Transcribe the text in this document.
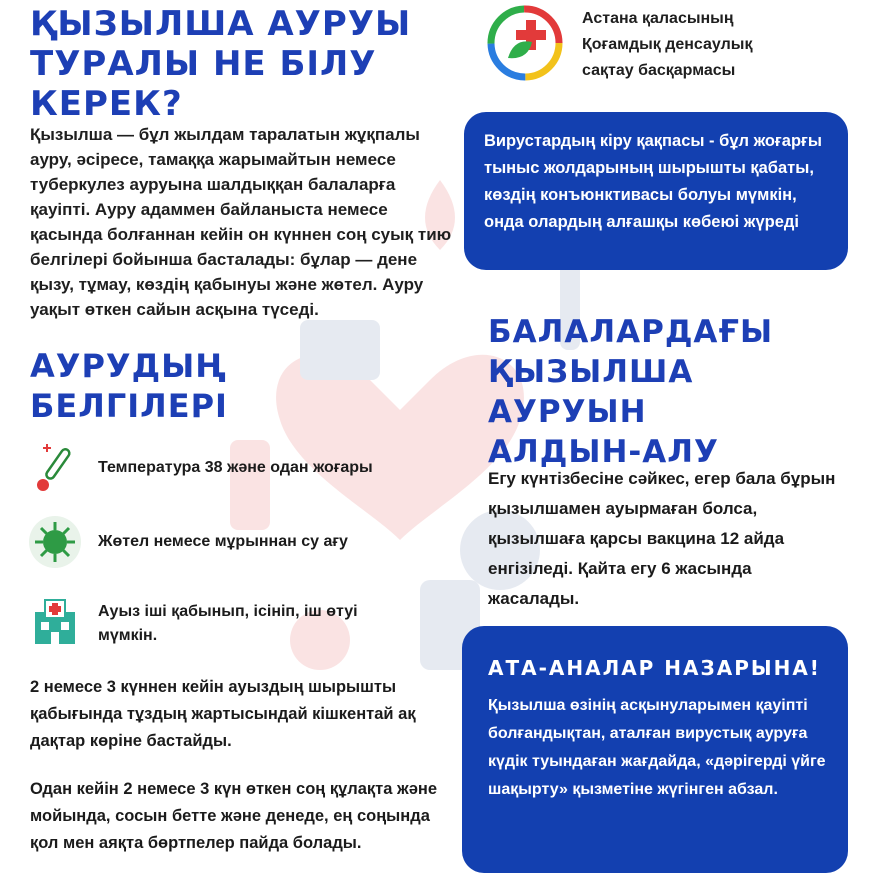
ҚЫЗЫЛША АУРУЫ
ТУРАЛЫ НЕ БІЛУ
КЕРЕК?

Қызылша — бұл жылдам таралатын жұқпалы ауру, әсіресе, тамаққа жарымайтын немесе туберкулез ауруына шалдыққан балаларға қауіпті. Ауру адаммен байланыста немесе қасында болғаннан кейін он күннен соң суық тию белгілері бойынша басталады: бұлар — дене қызу, тұмау, көздің қабынуы және жөтел. Ауру уақыт өткен сайын асқына түседі.

АУРУДЫҢ
БЕЛГІЛЕРІ
Температура 38 және одан жоғары
Жөтел немесе мұрыннан су ағу
Ауыз іші қабынып, ісініп, іш өтуі мүмкін.

2 немесе 3 күннен кейін ауыздың шырышты қабығында тұздың жартысындай кішкентай ақ дақтар көріне бастайды.

Одан кейін 2 немесе 3 күн өткен соң құлақта және мойында, сосын бетте және денеде, ең соңында қол мен аяқта бөртпелер пайда болады.

Астана қаласының
Қоғамдық денсаулық
сақтау басқармасы
Вирустардың кіру қақпасы - бұл жоғарғы тыныс жолдарының шырышты қабаты, көздің конъюнктивасы болуы мүмкін, онда олардың алғашқы көбеюі жүреді
БАЛАЛАРДАҒЫ
ҚЫЗЫЛША АУРУЫН
АЛДЫН-АЛУ

Егу күнтізбесіне сәйкес, егер бала бұрын қызылшамен ауырмаған болса, қызылшаға қарсы вакцина 12 айда енгізіледі. Қайта егу 6 жасында жасалады.

АТА-АНАЛАР НАЗАРЫНА!

Қызылша өзінің асқынуларымен қауіпті болғандықтан, аталған вирустық ауруға күдік туындаған жағдайда, «дәрігерді үйге шақырту» қызметіне жүгінген абзал.
